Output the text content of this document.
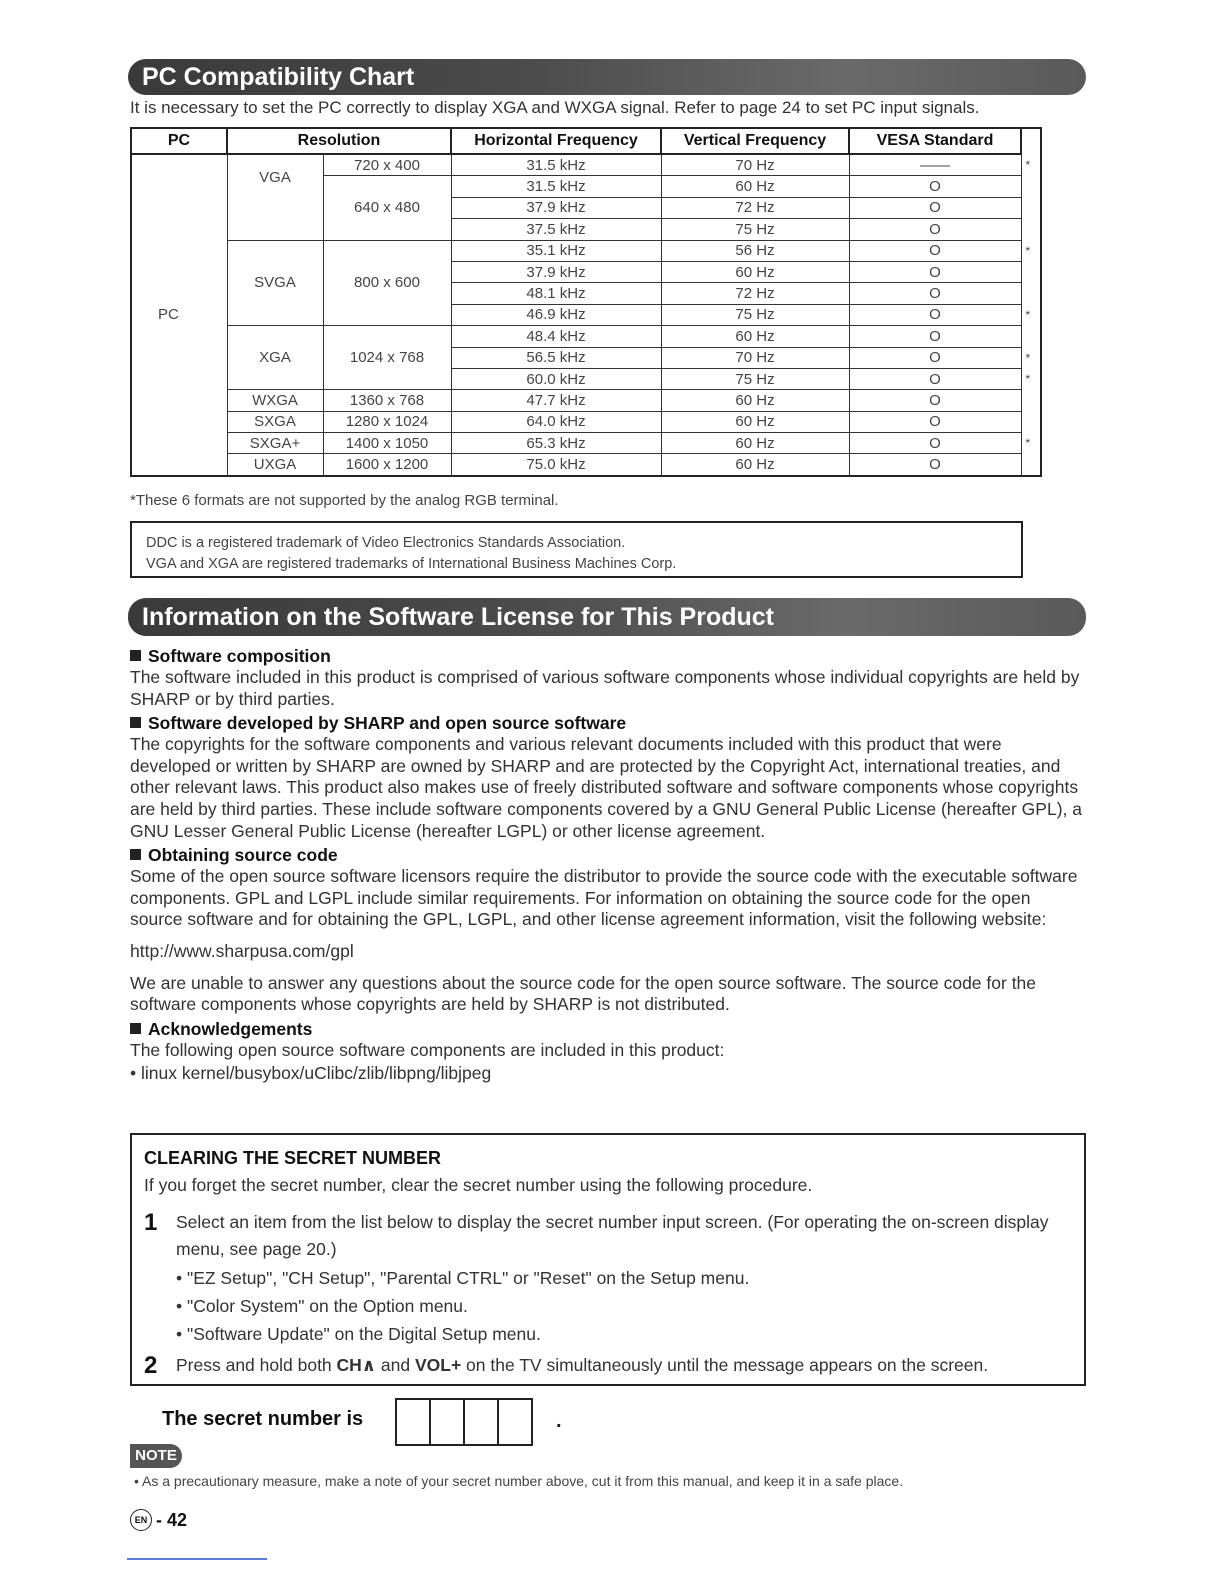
PC Compatibility Chart
It is necessary to set the PC correctly to display XGA and WXGA signal. Refer to page 24 to set PC input signals.
PC	Resolution		Horizontal Frequency	Vertical Frequency	VESA Standard	
PC	VGA	720 x 400	31.5 kHz	70 Hz	——	*
		640 x 480	31.5 kHz	60 Hz	O	
			37.9 kHz	72 Hz	O	
			37.5 kHz	75 Hz	O	
	SVGA	800 x 600	35.1 kHz	56 Hz	O	*
			37.9 kHz	60 Hz	O	
			48.1 kHz	72 Hz	O	
			46.9 kHz	75 Hz	O	*
	XGA	1024 x 768	48.4 kHz	60 Hz	O	
			56.5 kHz	70 Hz	O	*
			60.0 kHz	75 Hz	O	*
	WXGA	1360 x 768	47.7 kHz	60 Hz	O	
	SXGA	1280 x 1024	64.0 kHz	60 Hz	O	
	SXGA+	1400 x 1050	65.3 kHz	60 Hz	O	*
	UXGA	1600 x 1200	75.0 kHz	60 Hz	O	
*These 6 formats are not supported by the analog RGB terminal.
DDC is a registered trademark of Video Electronics Standards Association.
VGA and XGA are registered trademarks of International Business Machines Corp.
Information on the Software License for This Product
Software composition

The software included in this product is comprised of various software components whose individual copyrights are held by SHARP or by third parties.

Software developed by SHARP and open source software

The copyrights for the software components and various relevant documents included with this product that were developed or written by SHARP are owned by SHARP and are protected by the Copyright Act, international treaties, and other relevant laws. This product also makes use of freely distributed software and software components whose copyrights are held by third parties. These include software components covered by a GNU General Public License (hereafter GPL), a GNU Lesser General Public License (hereafter LGPL) or other license agreement.

Obtaining source code

Some of the open source software licensors require the distributor to provide the source code with the executable software components. GPL and LGPL include similar requirements. For information on obtaining the source code for the open source software and for obtaining the GPL, LGPL, and other license agreement information, visit the following website:

http://www.sharpusa.com/gpl

We are unable to answer any questions about the source code for the open source software. The source code for the software components whose copyrights are held by SHARP is not distributed.

Acknowledgements

The following open source software components are included in this product:

• linux kernel/busybox/uClibc/zlib/libpng/libjpeg

CLEARING THE SECRET NUMBER
If you forget the secret number, clear the secret number using the following procedure.
1 Select an item from the list below to display the secret number input screen. (For operating the on-screen display menu, see page 20.)
• "EZ Setup", "CH Setup", "Parental CTRL" or "Reset" on the Setup menu.
• "Color System" on the Option menu.
• "Software Update" on the Digital Setup menu.
2 Press and hold both CH∧ and VOL+ on the TV simultaneously until the message appears on the screen.
The secret number is	.
NOTE
• As a precautionary measure, make a note of your secret number above, cut it from this manual, and keep it in a safe place.
EN - 42
